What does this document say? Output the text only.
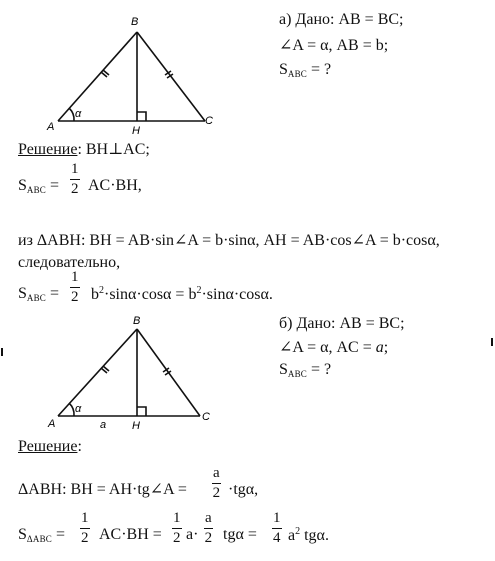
B
A	C
H
α
а) Дано: AB = BC;
∠A = α, AB = b;
$S_{ABC}$ = ?
Решение: BH⊥AC;
$S_{ABC} = \frac{1}{2} AC\cdot BH$,
из ΔABH: BH = AB·sin∠A = b·sinα, AH = AB·cos∠A = b·cosα,
следовательно,
$S_{ABC} = \frac{1}{2} b^2\cdot\sin\alpha\cdot\cos\alpha = b^2\cdot\sin\alpha\cdot\cos\alpha$.
B
A
C
H
α
a
б) Дано: AB = BC;
∠A = α, AC = a;
$S_{ABC}$ = ?
Решение:
ΔABH: BH = AH·tg∠A = $\frac{a}{2} \cdot tg\alpha$,
$S_{\Delta ABC} = \frac{1}{2} AC\cdot BH = \frac{1}{2} a\cdot \frac{a}{2}$ $tg\alpha = \frac{1}{4} a^2$ tgα.
